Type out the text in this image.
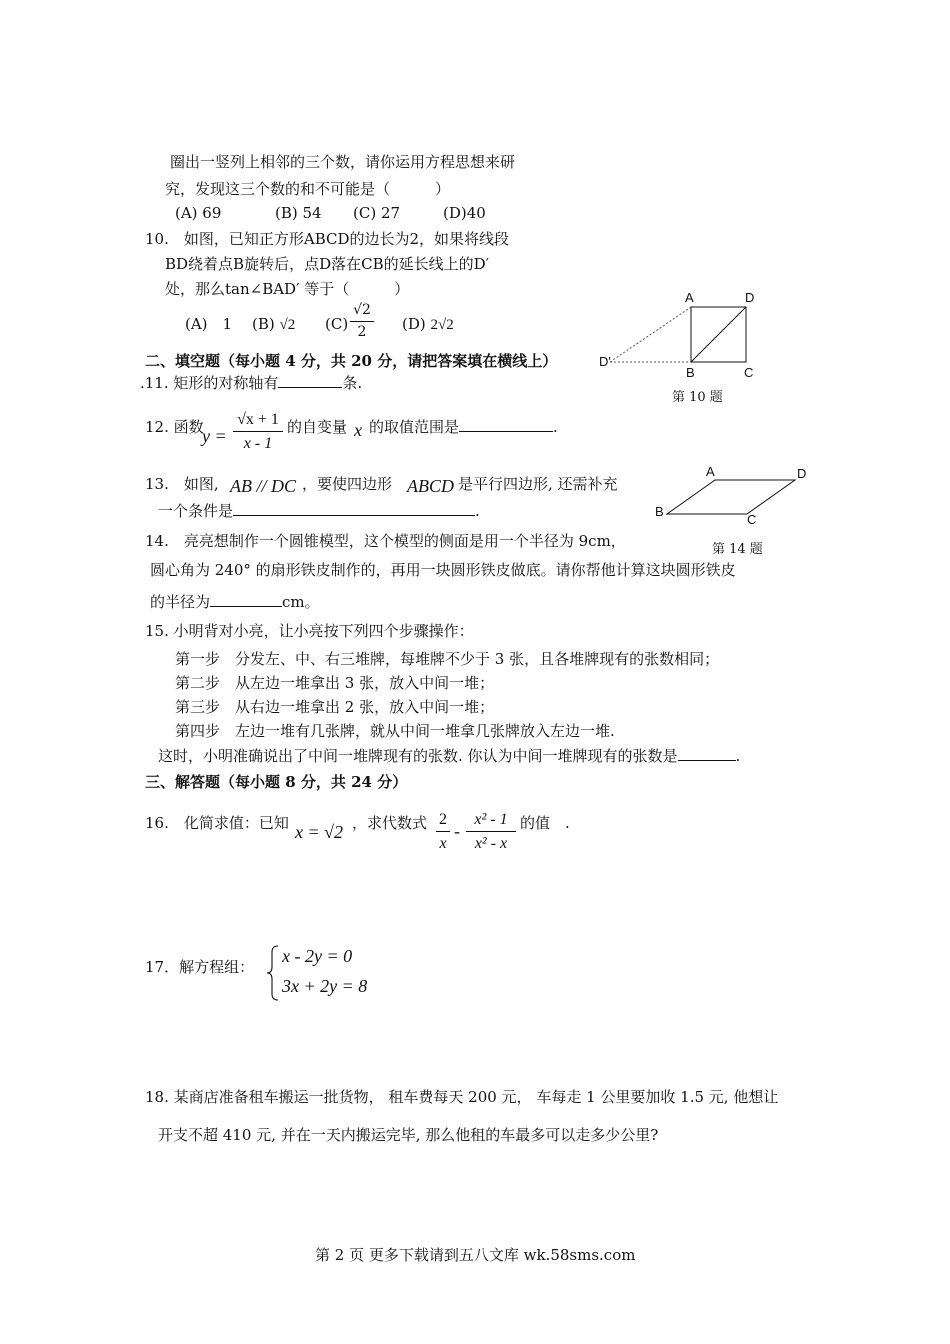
圈出一竖列上相邻的三个数，请你运用方程思想来研
究，发现这三个数的和不可能是（　　　）
(A) 69	(B) 54 (C) 27	(D)40
10.　如图，已知正方形ABCD的边长为2，如果将线段
BD绕着点B旋转后，点D落在CB的延长线上的D′
处，那么tan∠BAD′ 等于（　　　）
(A)　1 (B) √2 (C)
√2
2	(D) 2√2
A	D
B	C
D'
第 10 题
二、填空题（每小题 4 分，共 20 分，请把答案填在横线上）
.11. 矩形的对称轴有	条.
12. 函数
y =
√x + 1
x - 1
的自变量 x 的取值范围是	.
13.　如图, AB // DC ，要使四边形 ABCD 是平行四边形, 还需补充
一个条件是	.
A	D
B
C
第 14 题
14.　亮亮想制作一个圆锥模型，这个模型的侧面是用一个半径为 9cm，
圆心角为 240° 的扇形铁皮制作的，再用一块圆形铁皮做底。请你帮他计算这块圆形铁皮
的半径为	cm。
15. 小明背对小亮，让小亮按下列四个步骤操作：
第一步　分发左、中、右三堆牌，每堆牌不少于 3 张，且各堆牌现有的张数相同；
第二步　从左边一堆拿出 3 张，放入中间一堆；
第三步　从右边一堆拿出 2 张，放入中间一堆；
第四步　左边一堆有几张牌，就从中间一堆拿几张牌放入左边一堆.
这时，小明准确说出了中间一堆牌现有的张数. 你认为中间一堆牌现有的张数是	.
三、解答题（每小题 8 分，共 24 分）
16.　化简求值：已知 x = √2 ，求代数式 2
x
-
x² - 1
x² - x
的值　.
17．解方程组：
x - 2y = 0
3x + 2y = 8
18. 某商店准备租车搬运一批货物， 租车费每天 200 元， 车每走 1 公里要加收 1.5 元, 他想让
开支不超 410 元, 并在一天内搬运完毕, 那么他租的车最多可以走多少公里?
第 2 页 更多下载请到五八文库 wk.58sms.com
